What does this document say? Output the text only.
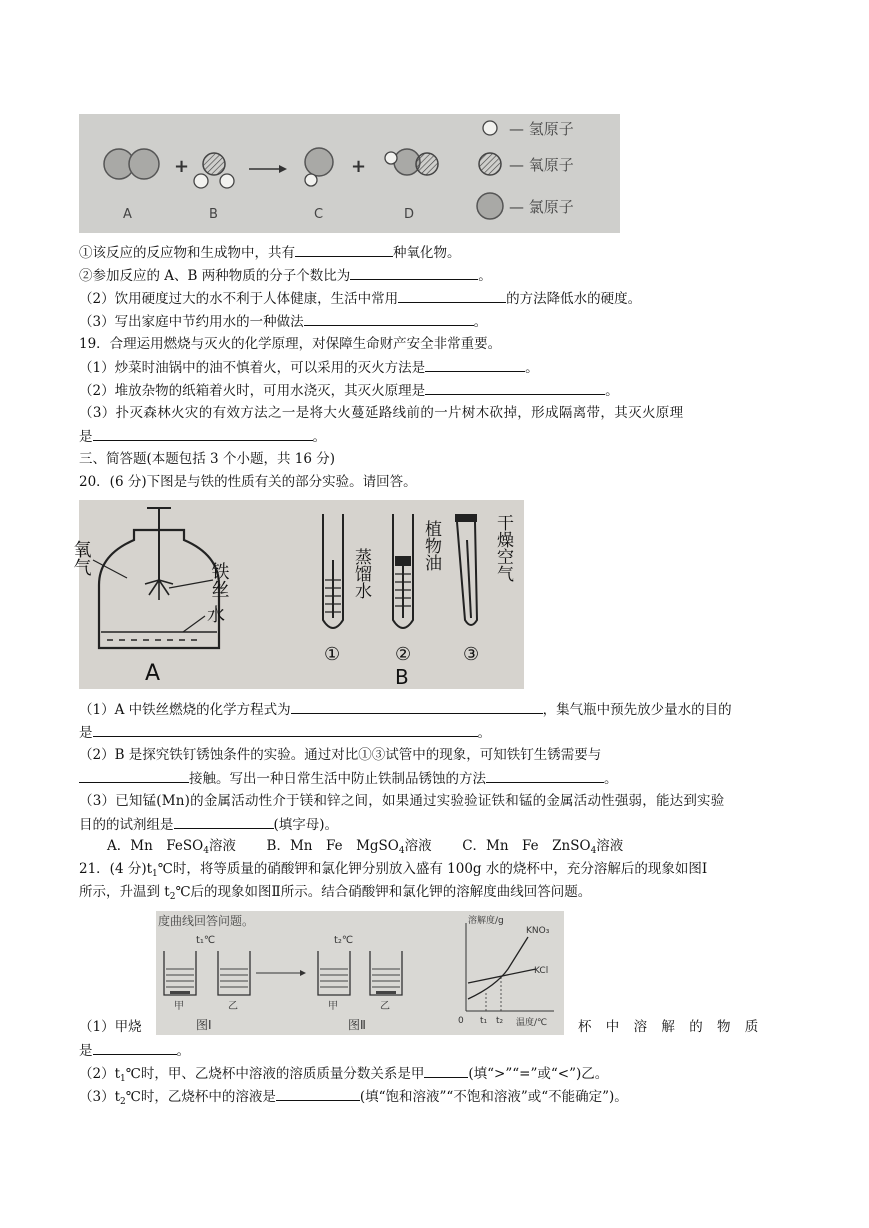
+	+
— 氢原子
— 氧原子
— 氯原子
A	B	C	D
①该反应的反应物和生成物中，共有	种氧化物。
②参加反应的 A、B 两种物质的分子个数比为	。
（2）饮用硬度过大的水不利于人体健康，生活中常用	的方法降低水的硬度。
（3）写出家庭中节约用水的一种做法	。
19．合理运用燃烧与灭火的化学原理，对保障生命财产安全非常重要。
（1）炒菜时油锅中的油不慎着火，可以采用的灭火方法是	。
（2）堆放杂物的纸箱着火时，可用水浇灭，其灭火原理是	。
（3）扑灭森林火灾的有效方法之一是将大火蔓延路线前的一片树木砍掉，形成隔离带，其灭火原理
是	。
三、简答题(本题包括 3 个小题，共 16 分)
20．(6 分)下图是与铁的性质有关的部分实验。请回答。
氧气
铁丝
水
A
蒸馏水
植物油	干燥空气
①	②	③
B
（1）A 中铁丝燃烧的化学方程式为	，集气瓶中预先放少量水的目的
是	。
（2）B 是探究铁钉锈蚀条件的实验。通过对比①③试管中的现象，可知铁钉生锈需要与
接触。写出一种日常生活中防止铁制品锈蚀的方法	。
（3）已知锰(Mn)的金属活动性介于镁和锌之间，如果通过实验验证铁和锰的金属活动性强弱，能达到实验
目的的试剂组是	(填字母)。
A．Mn　FeSO$_4$溶液 B．Mn　Fe　MgSO$_4$溶液 C．Mn　Fe　ZnSO$_4$溶液
21．(4 分)$t_1℃$时，将等质量的硝酸钾和氯化钾分别放入盛有 100g 水的烧杯中，充分溶解后的现象如图Ⅰ
所示，升温到 $t_2℃$后的现象如图Ⅱ所示。结合硝酸钾和氯化钾的溶解度曲线回答问题。
度曲线回答问题。
t₁℃	t₂℃
甲	乙	甲	乙
图Ⅰ	图Ⅱ
溶解度/g
温度/℃
KNO₃
KCl
0 t₁ t₂
（1）甲烧	杯　中　溶　解　的　物　质
是	。
$(2)t_1℃$时，甲、乙烧杯中溶液的溶质质量分数关系是甲	(填“>”“=”或“<”)乙。
$(3)t_2℃$时，乙烧杯中的溶液是	(填“饱和溶液”“不饱和溶液”或“不能确定”)。
